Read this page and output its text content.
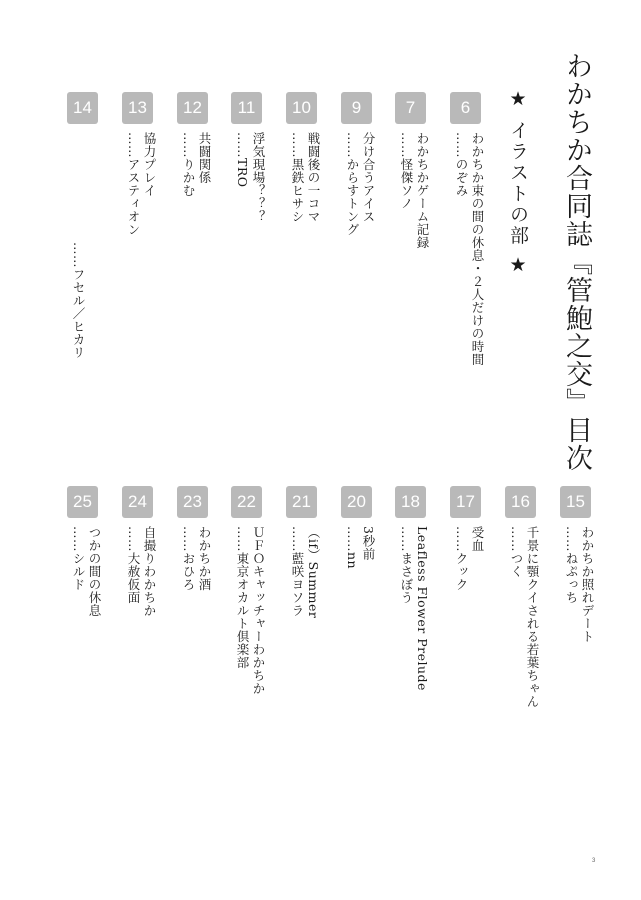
わかちか合同誌『管鮑之交』目次
★ イラストの部 ★
6
わかちか束の間の休息・２人だけの時間
……のぞみ
7
わかちかゲーム記録
……怪傑ソノ
9
分け合うアイス
……からすトング
10
戦闘後の一コマ
……黒鉄ヒサシ
11
浮気現場？？？
……TRO
12
共闘関係
……りかむ
13
協力プレイ
……アスティオン
14
……フセル／ヒカリ
15
わかちか照れデート
……ねぷっち
16
千景に顎クイされる若葉ちゃん
……つく
17
受血
……クック
18
Leafless Flower Prelude
……まさぼう
20
3秒前
……nn
21
（if）Summer
……藍咲ヨソラ
22
ＵＦＯキャッチャーわかちか
……東京オカルト倶楽部
23
わかちか酒
……おひろ
24
自撮りわかちか
……大赦仮面
25
つかの間の休息
……シルド
3
